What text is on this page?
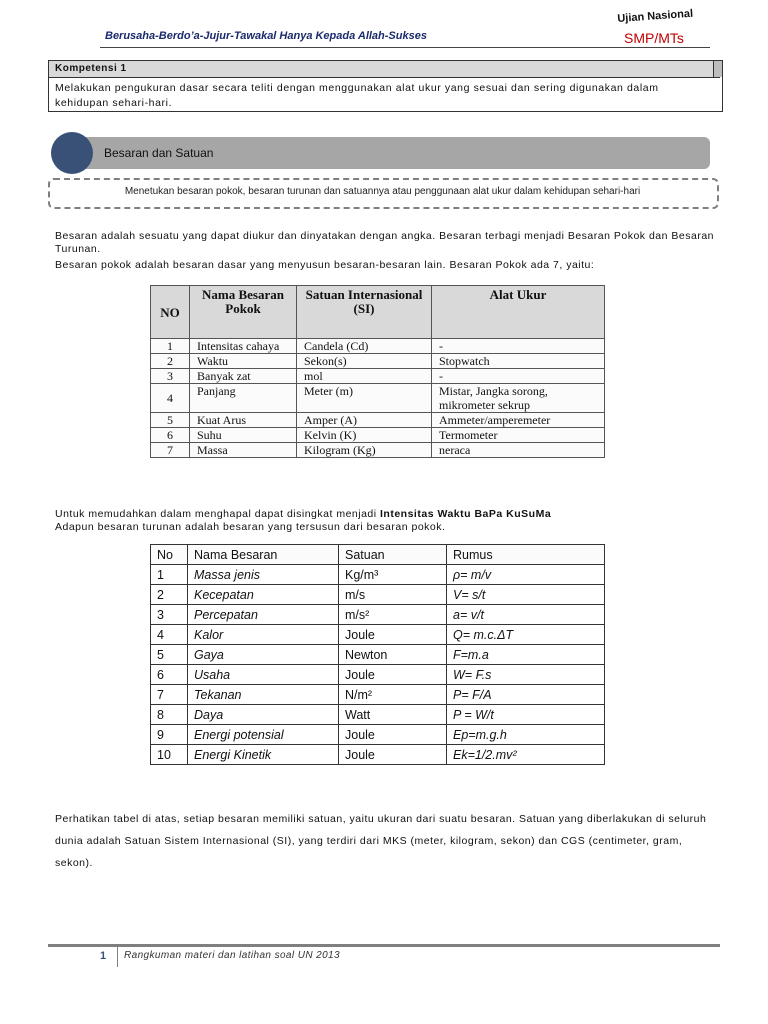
Berusaha-Berdo’a-Jujur-Tawakal Hanya Kepada Allah-Sukses
Ujian Nasional
SMP/MTs
Kompetensi 1
Melakukan pengukuran dasar secara teliti dengan menggunakan alat ukur yang sesuai dan sering digunakan dalam kehidupan sehari-hari.
Besaran dan Satuan
Menetukan besaran pokok, besaran turunan dan satuannya atau penggunaan alat ukur dalam kehidupan sehari-hari
Besaran adalah sesuatu yang dapat diukur dan dinyatakan dengan angka. Besaran terbagi menjadi Besaran Pokok dan Besaran Turunan.
Besaran pokok adalah besaran dasar yang menyusun besaran-besaran lain. Besaran Pokok ada 7, yaitu:
NO	Nama Besaran Pokok	Satuan Internasional (SI)	Alat Ukur
1	Intensitas cahaya	Candela (Cd)	-
2	Waktu	Sekon(s)	Stopwatch
3	Banyak zat	mol	-
4	Panjang	Meter (m)	Mistar, Jangka sorong, mikrometer sekrup
5	Kuat Arus	Amper (A)	Ammeter/amperemeter
6	Suhu	Kelvin (K)	Termometer
7	Massa	Kilogram (Kg)	neraca
Untuk memudahkan dalam menghapal dapat disingkat menjadi Intensitas Waktu BaPa KuSuMa
Adapun besaran turunan adalah besaran yang tersusun dari besaran pokok.
No	Nama Besaran	Satuan	Rumus
1	Massa jenis	Kg/m³	ρ= m/v
2	Kecepatan	m/s	V= s/t
3	Percepatan	m/s²	a= v/t
4	Kalor	Joule	Q= m.c.ΔT
5	Gaya	Newton	F=m.a
6	Usaha	Joule	W= F.s
7	Tekanan	N/m²	P= F/A
8	Daya	Watt	P = W/t
9	Energi potensial	Joule	Ep=m.g.h
10	Energi Kinetik	Joule	Ek=1/2.mv²
Perhatikan tabel di atas, setiap besaran memiliki satuan, yaitu ukuran dari suatu besaran. Satuan yang diberlakukan di seluruh dunia adalah Satuan Sistem Internasional (SI), yang terdiri dari MKS (meter, kilogram, sekon) dan CGS (centimeter, gram, sekon).
1 Rangkuman materi dan latihan soal UN 2013
